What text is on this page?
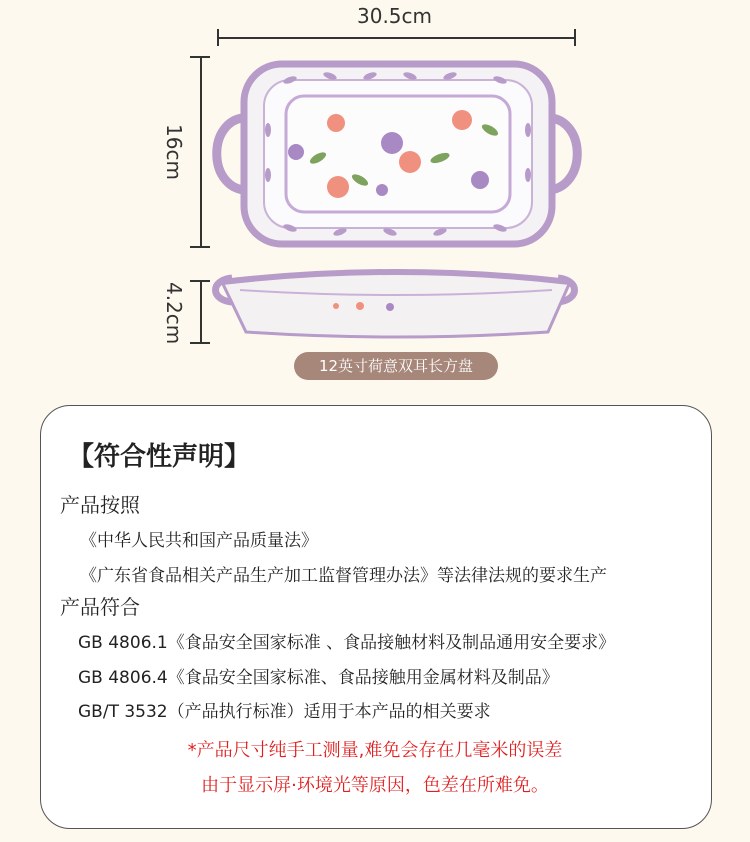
30.5cm
16cm
4.2cm
12英寸荷意双耳长方盘
【符合性声明】
产品按照
《中华人民共和国产品质量法》
《广东省食品相关产品生产加工监督管理办法》等法律法规的要求生产
产品符合
GB 4806.1《食品安全国家标准 、食品接触材料及制品通用安全要求》
GB 4806.4《食品安全国家标准、食品接触用金属材料及制品》
GB/T 3532（产品执行标准）适用于本产品的相关要求
*产品尺寸纯手工测量,难免会存在几毫米的误差
由于显示屏·环境光等原因，色差在所难免。
